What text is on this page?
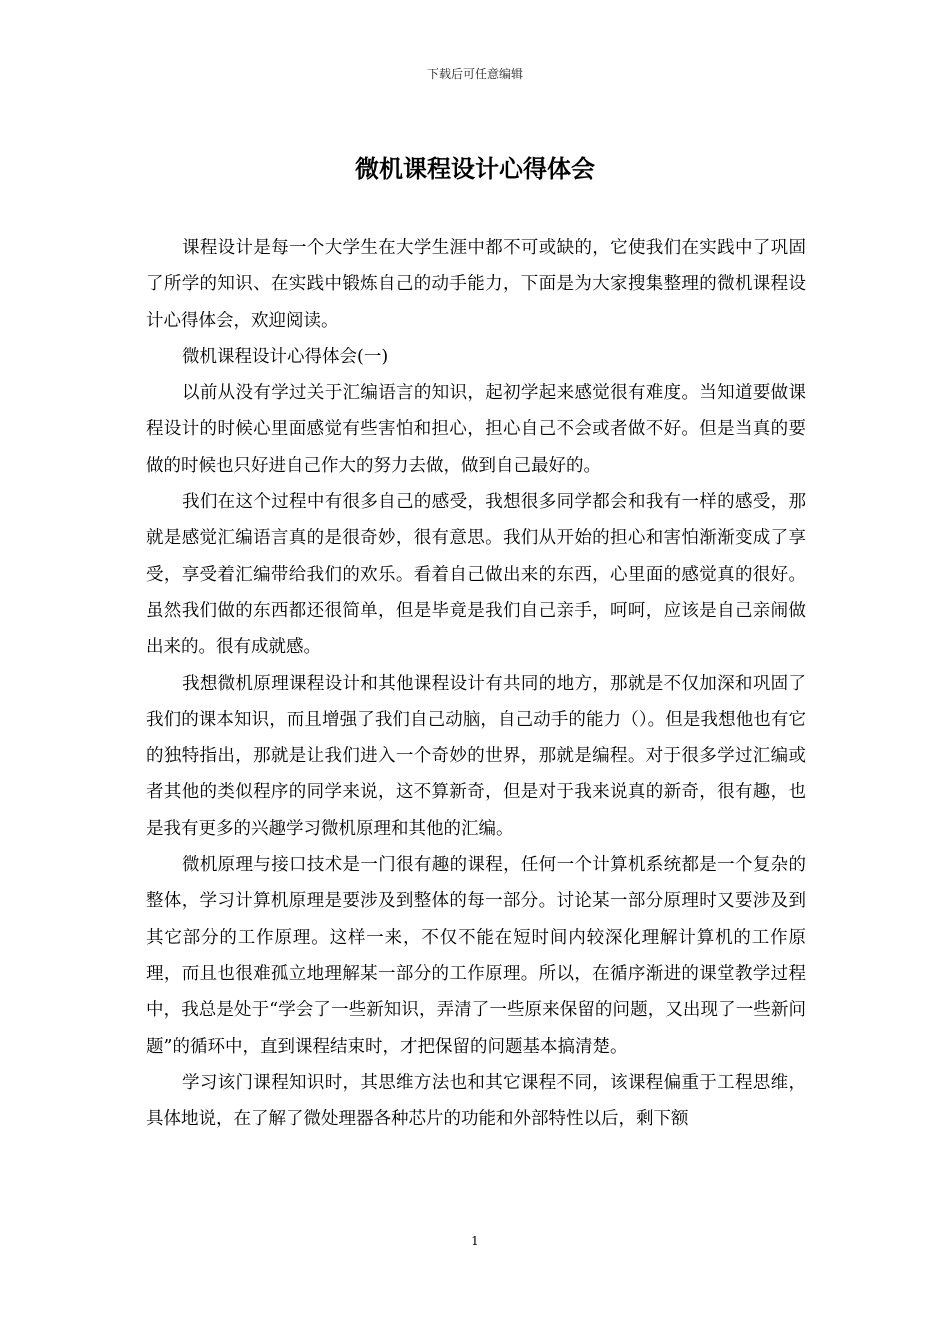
下载后可任意编辑
微机课程设计心得体会

课程设计是每一个大学生在大学生涯中都不可或缺的，它使我们在实践中了巩固了所学的知识、在实践中锻炼自己的动手能力，下面是为大家搜集整理的微机课程设计心得体会，欢迎阅读。

微机课程设计心得体会(一)

以前从没有学过关于汇编语言的知识，起初学起来感觉很有难度。当知道要做课程设计的时候心里面感觉有些害怕和担心，担心自己不会或者做不好。但是当真的要做的时候也只好进自己作大的努力去做，做到自己最好的。

我们在这个过程中有很多自己的感受，我想很多同学都会和我有一样的感受，那就是感觉汇编语言真的是很奇妙，很有意思。我们从开始的担心和害怕渐渐变成了享受，享受着汇编带给我们的欢乐。看着自己做出来的东西，心里面的感觉真的很好。虽然我们做的东西都还很简单，但是毕竟是我们自己亲手，呵呵，应该是自己亲闹做出来的。很有成就感。

我想微机原理课程设计和其他课程设计有共同的地方，那就是不仅加深和巩固了我们的课本知识，而且增强了我们自己动脑，自己动手的能力（）。但是我想他也有它的独特指出，那就是让我们进入一个奇妙的世界，那就是编程。对于很多学过汇编或者其他的类似程序的同学来说，这不算新奇，但是对于我来说真的新奇，很有趣，也是我有更多的兴趣学习微机原理和其他的汇编。

微机原理与接口技术是一门很有趣的课程，任何一个计算机系统都是一个复杂的整体，学习计算机原理是要涉及到整体的每一部分。讨论某一部分原理时又要涉及到其它部分的工作原理。这样一来，不仅不能在短时间内较深化理解计算机的工作原理，而且也很难孤立地理解某一部分的工作原理。所以，在循序渐进的课堂教学过程中，我总是处于“学会了一些新知识，弄清了一些原来保留的问题，又出现了一些新问题”的循环中，直到课程结束时，才把保留的问题基本搞清楚。

学习该门课程知识时，其思维方法也和其它课程不同，该课程偏重于工程思维，具体地说，在了解了微处理器各种芯片的功能和外部特性以后，剩下额

1
